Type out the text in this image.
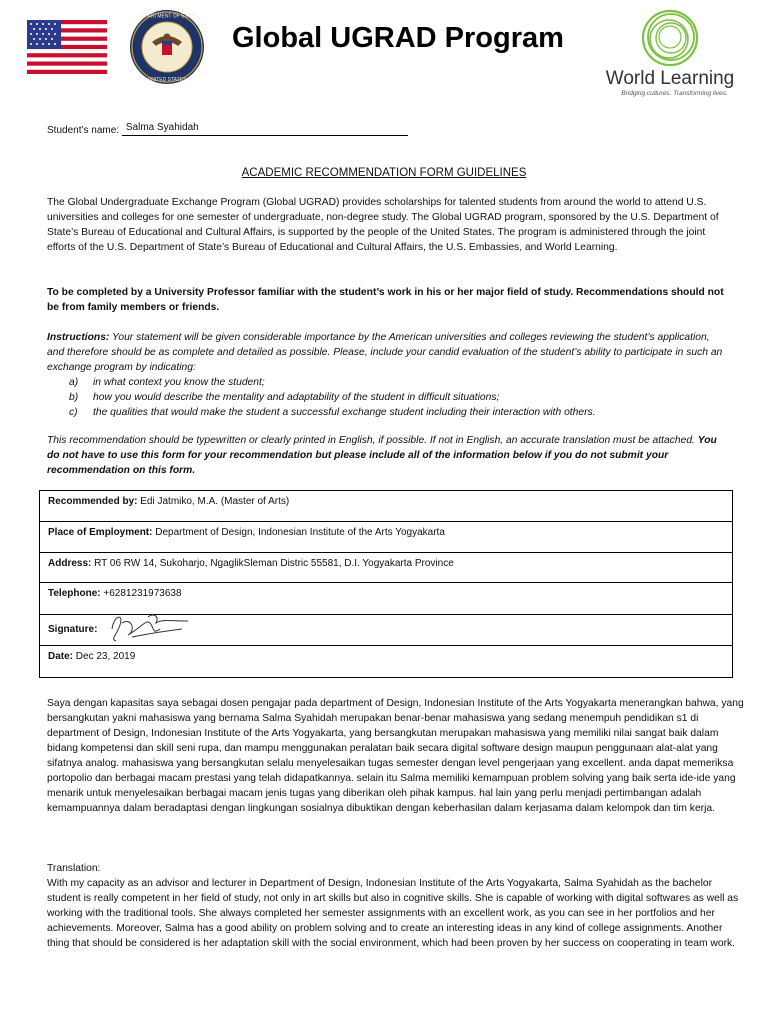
DEPARTMENT OF STATE
UNITED STATES
Global UGRAD Program
World Learning
Bridging cultures. Transforming lives.
Student’s name: Salma Syahidah
ACADEMIC RECOMMENDATION FORM GUIDELINES
The Global Undergraduate Exchange Program (Global UGRAD) provides scholarships for talented students from around the world to attend U.S. universities and colleges for one semester of undergraduate, non-degree study. The Global UGRAD program, sponsored by the U.S. Department of State’s Bureau of Educational and Cultural Affairs, is supported by the people of the United States. The program is administered through the joint efforts of the U.S. Department of State’s Bureau of Educational and Cultural Affairs, the U.S. Embassies, and World Learning.
To be completed by a University Professor familiar with the student’s work in his or her major field of study. Recommendations should not be from family members or friends.
Instructions: Your statement will be given considerable importance by the American universities and colleges reviewing the student’s application, and therefore should be as complete and detailed as possible. Please, include your candid evaluation of the student’s ability to participate in such an exchange program by indicating:
a) in what context you know the student;
b) how you would describe the mentality and adaptability of the student in difficult situations;
c) the qualities that would make the student a successful exchange student including their interaction with others.
This recommendation should be typewritten or clearly printed in English, if possible. If not in English, an accurate translation must be attached. You do not have to use this form for your recommendation but please include all of the information below if you do not submit your recommendation on this form.
Recommended by: Edi Jatmiko, M.A. (Master of Arts)
Place of Employment: Department of Design, Indonesian Institute of the Arts Yogyakarta
Address: RT 06 RW 14, Sukoharjo, NgaglikSleman Distric 55581, D.I. Yogyakarta Province
Telephone: +6281231973638
Signature:
Date: Dec 23, 2019
Saya dengan kapasitas saya sebagai dosen pengajar pada department of Design, Indonesian Institute of the Arts Yogyakarta menerangkan bahwa, yang bersangkutan yakni mahasiswa yang bernama Salma Syahidah merupakan benar-benar mahasiswa yang sedang menempuh pendidikan s1 di department of Design, Indonesian Institute of the Arts Yogyakarta, yang bersangkutan merupakan mahasiswa yang memiliki nilai sangat baik dalam bidang kompetensi dan skill seni rupa, dan mampu menggunakan peralatan baik secara digital software design maupun penggunaan alat-alat yang sifatnya analog. mahasiswa yang bersangkutan selalu menyelesaikan tugas semester dengan level pengerjaan yang excellent. anda dapat memeriksa portopolio dan berbagai macam prestasi yang telah didapatkannya. selain itu Salma memiliki kemampuan problem solving yang baik serta ide-ide yang menarik untuk menyelesaikan berbagai macam jenis tugas yang diberikan oleh pihak kampus. hal lain yang perlu menjadi pertimbangan adalah kemampuannya dalam beradaptasi dengan lingkungan sosialnya dibuktikan dengan keberhasilan dalam kerjasama dalam kelompok dan tim kerja.
Translation:
With my capacity as an advisor and lecturer in Department of Design, Indonesian Institute of the Arts Yogyakarta, Salma Syahidah as the bachelor student is really competent in her field of study, not only in art skills but also in cognitive skills. She is capable of working with digital softwares as well as working with the traditional tools. She always completed her semester assignments with an excellent work, as you can see in her portfolios and her achievements. Moreover, Salma has a good ability on problem solving and to create an interesting ideas in any kind of college assignments. Another thing that should be considered is her adaptation skill with the social environment, which had been proven by her success on cooperating in team work.
